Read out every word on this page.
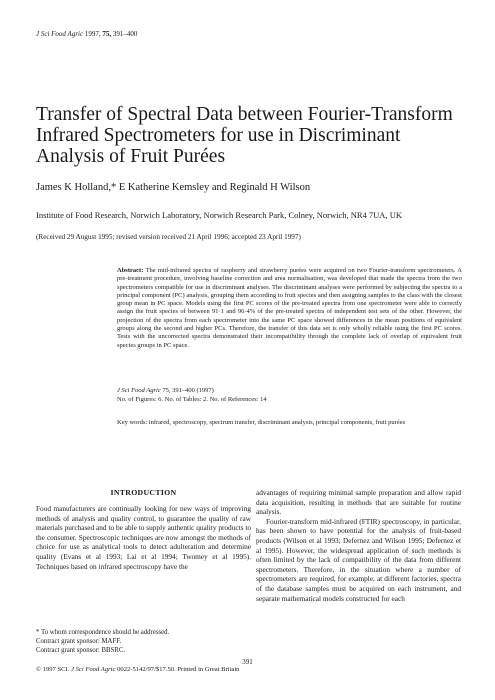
J Sci Food Agric 1997, 75, 391–400
Transfer of Spectral Data between Fourier-Transform Infrared Spectrometers for use in Discriminant Analysis of Fruit Purées
James K Holland,* E Katherine Kemsley and Reginald H Wilson
Institute of Food Research, Norwich Laboratory, Norwich Research Park, Colney, Norwich, NR4 7UA, UK
(Received 29 August 1995; revised version received 21 April 1996; accepted 23 April 1997)
Abstract: The mid-infrared spectra of raspberry and strawberry purées were acquired on two Fourier-transform spectrometers. A pre-treatment procedure, involving baseline correction and area normalisation, was developed that made the spectra from the two spectrometers compatible for use in discriminant analyses. The discriminant analyses were performed by subjecting the spectra to a principal component (PC) analysis, grouping them according to fruit species and then assigning samples to the class with the closest group mean in PC space. Models using the first PC scores of the pre-treated spectra from one spectrometer were able to correctly assign the fruit species of between 91·1 and 96·4% of the pre-treated spectra of independent test sets of the other. However, the projection of the spectra from each spectrometer into the same PC space showed differences in the mean positions of equivalent groups along the second and higher PCs. Therefore, the transfer of this data set is only wholly reliable using the first PC scores. Tests with the uncorrected spectra demonstrated their incompatibility through the complete lack of overlap of equivalent fruit species groups in PC space.
J Sci Food Agric 75, 391–400 (1997)
No. of Figures: 6. No. of Tables: 2. No. of References: 14
Key words: infrared, spectroscopy, spectrum transfer, discriminant analysis, principal components, fruit purées
INTRODUCTION
Food manufacturers are continually looking for new ways of improving methods of analysis and quality control, to guarantee the quality of raw materials purchased and to be able to supply authentic quality products to the consumer. Spectroscopic techniques are now amongst the methods of choice for use as analytical tools to detect adulteration and determine quality (Evans et al 1993; Lai et al 1994; Twomey et al 1995). Techniques based on infrared spectroscopy have the

advantages of requiring minimal sample preparation and allow rapid data acquisition, resulting in methods that are suitable for routine analysis.

Fourier-transform mid-infrared (FTIR) spectroscopy, in particular, has been shown to have potential for the analysis of fruit-based products (Wilson et al 1993; Defernez and Wilson 1995; Defernez et al 1995). However, the widespread application of such methods is often limited by the lack of compatibility of the data from different spectrometers. Therefore, in the situation where a number of spectrometers are required, for example, at different factories, spectra of the database samples must be acquired on each instrument, and separate mathematical models constructed for each

* To whom correspondence should be addressed.
Contract grant sponsor: MAFF.
Contract grant sponsor: BBSRC.
391
© 1997 SCI. J Sci Food Agric 0022-5142/97/$17.50. Printed in Great Britain
